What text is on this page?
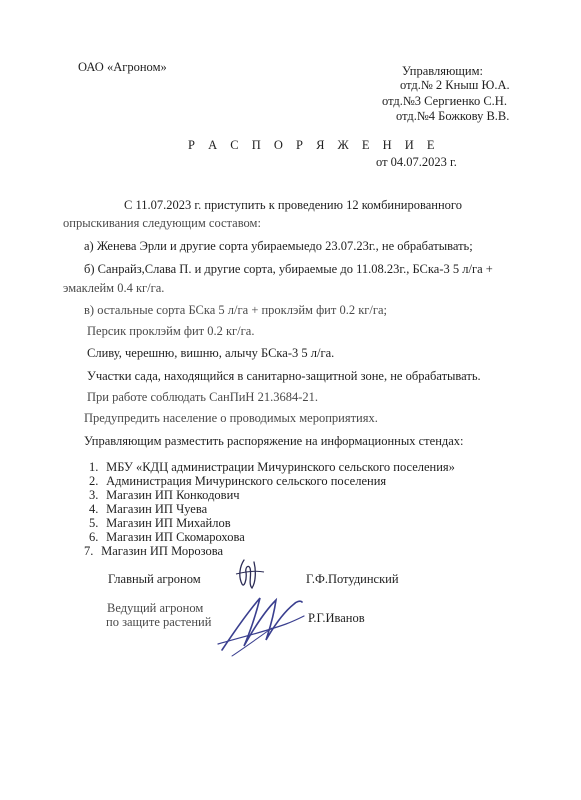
ОАО «Агроном»	Управляющим:
отд.№ 2 Кныш Ю.А.
отд.№3 Сергиенко С.Н.
отд.№4 Божкову В.В.
Р А С П О Р Я Ж Е Н И Е
от 04.07.2023 г.
С 11.07.2023 г. приступить к проведению 12 комбинированного
опрыскивания следующим составом:
а) Женева Эрли и другие сорта убираемыедо 23.07.23г., не обрабатывать;
б) Санрайз,Слава П. и другие сорта, убираемые до 11.08.23г., БСка-3 5 л/га +
эмаклейм 0.4 кг/га.
в) остальные сорта БСка 5 л/га + проклэйм фит 0.2 кг/га;
Персик проклэйм фит 0.2 кг/га.
Сливу, черешню, вишню, алычу БСка-3 5 л/га.
Участки сада, находящийся в санитарно-защитной зоне, не обрабатывать.
При работе соблюдать СанПиН 21.3684-21.
Предупредить население о проводимых мероприятиях.
Управляющим разместить распоряжение на информационных стендах:
1. МБУ «КДЦ администрации Мичуринского сельского поселения»
2. Администрация Мичуринского сельского поселения
3. Магазин ИП Конкодович
4. Магазин ИП Чуева
5. Магазин ИП Михайлов
6. Магазин ИП Скомарохова
7. Магазин ИП Морозова
Главный агроном	Г.Ф.Потудинский
Ведущий агроном
по защите растений	Р.Г.Иванов
